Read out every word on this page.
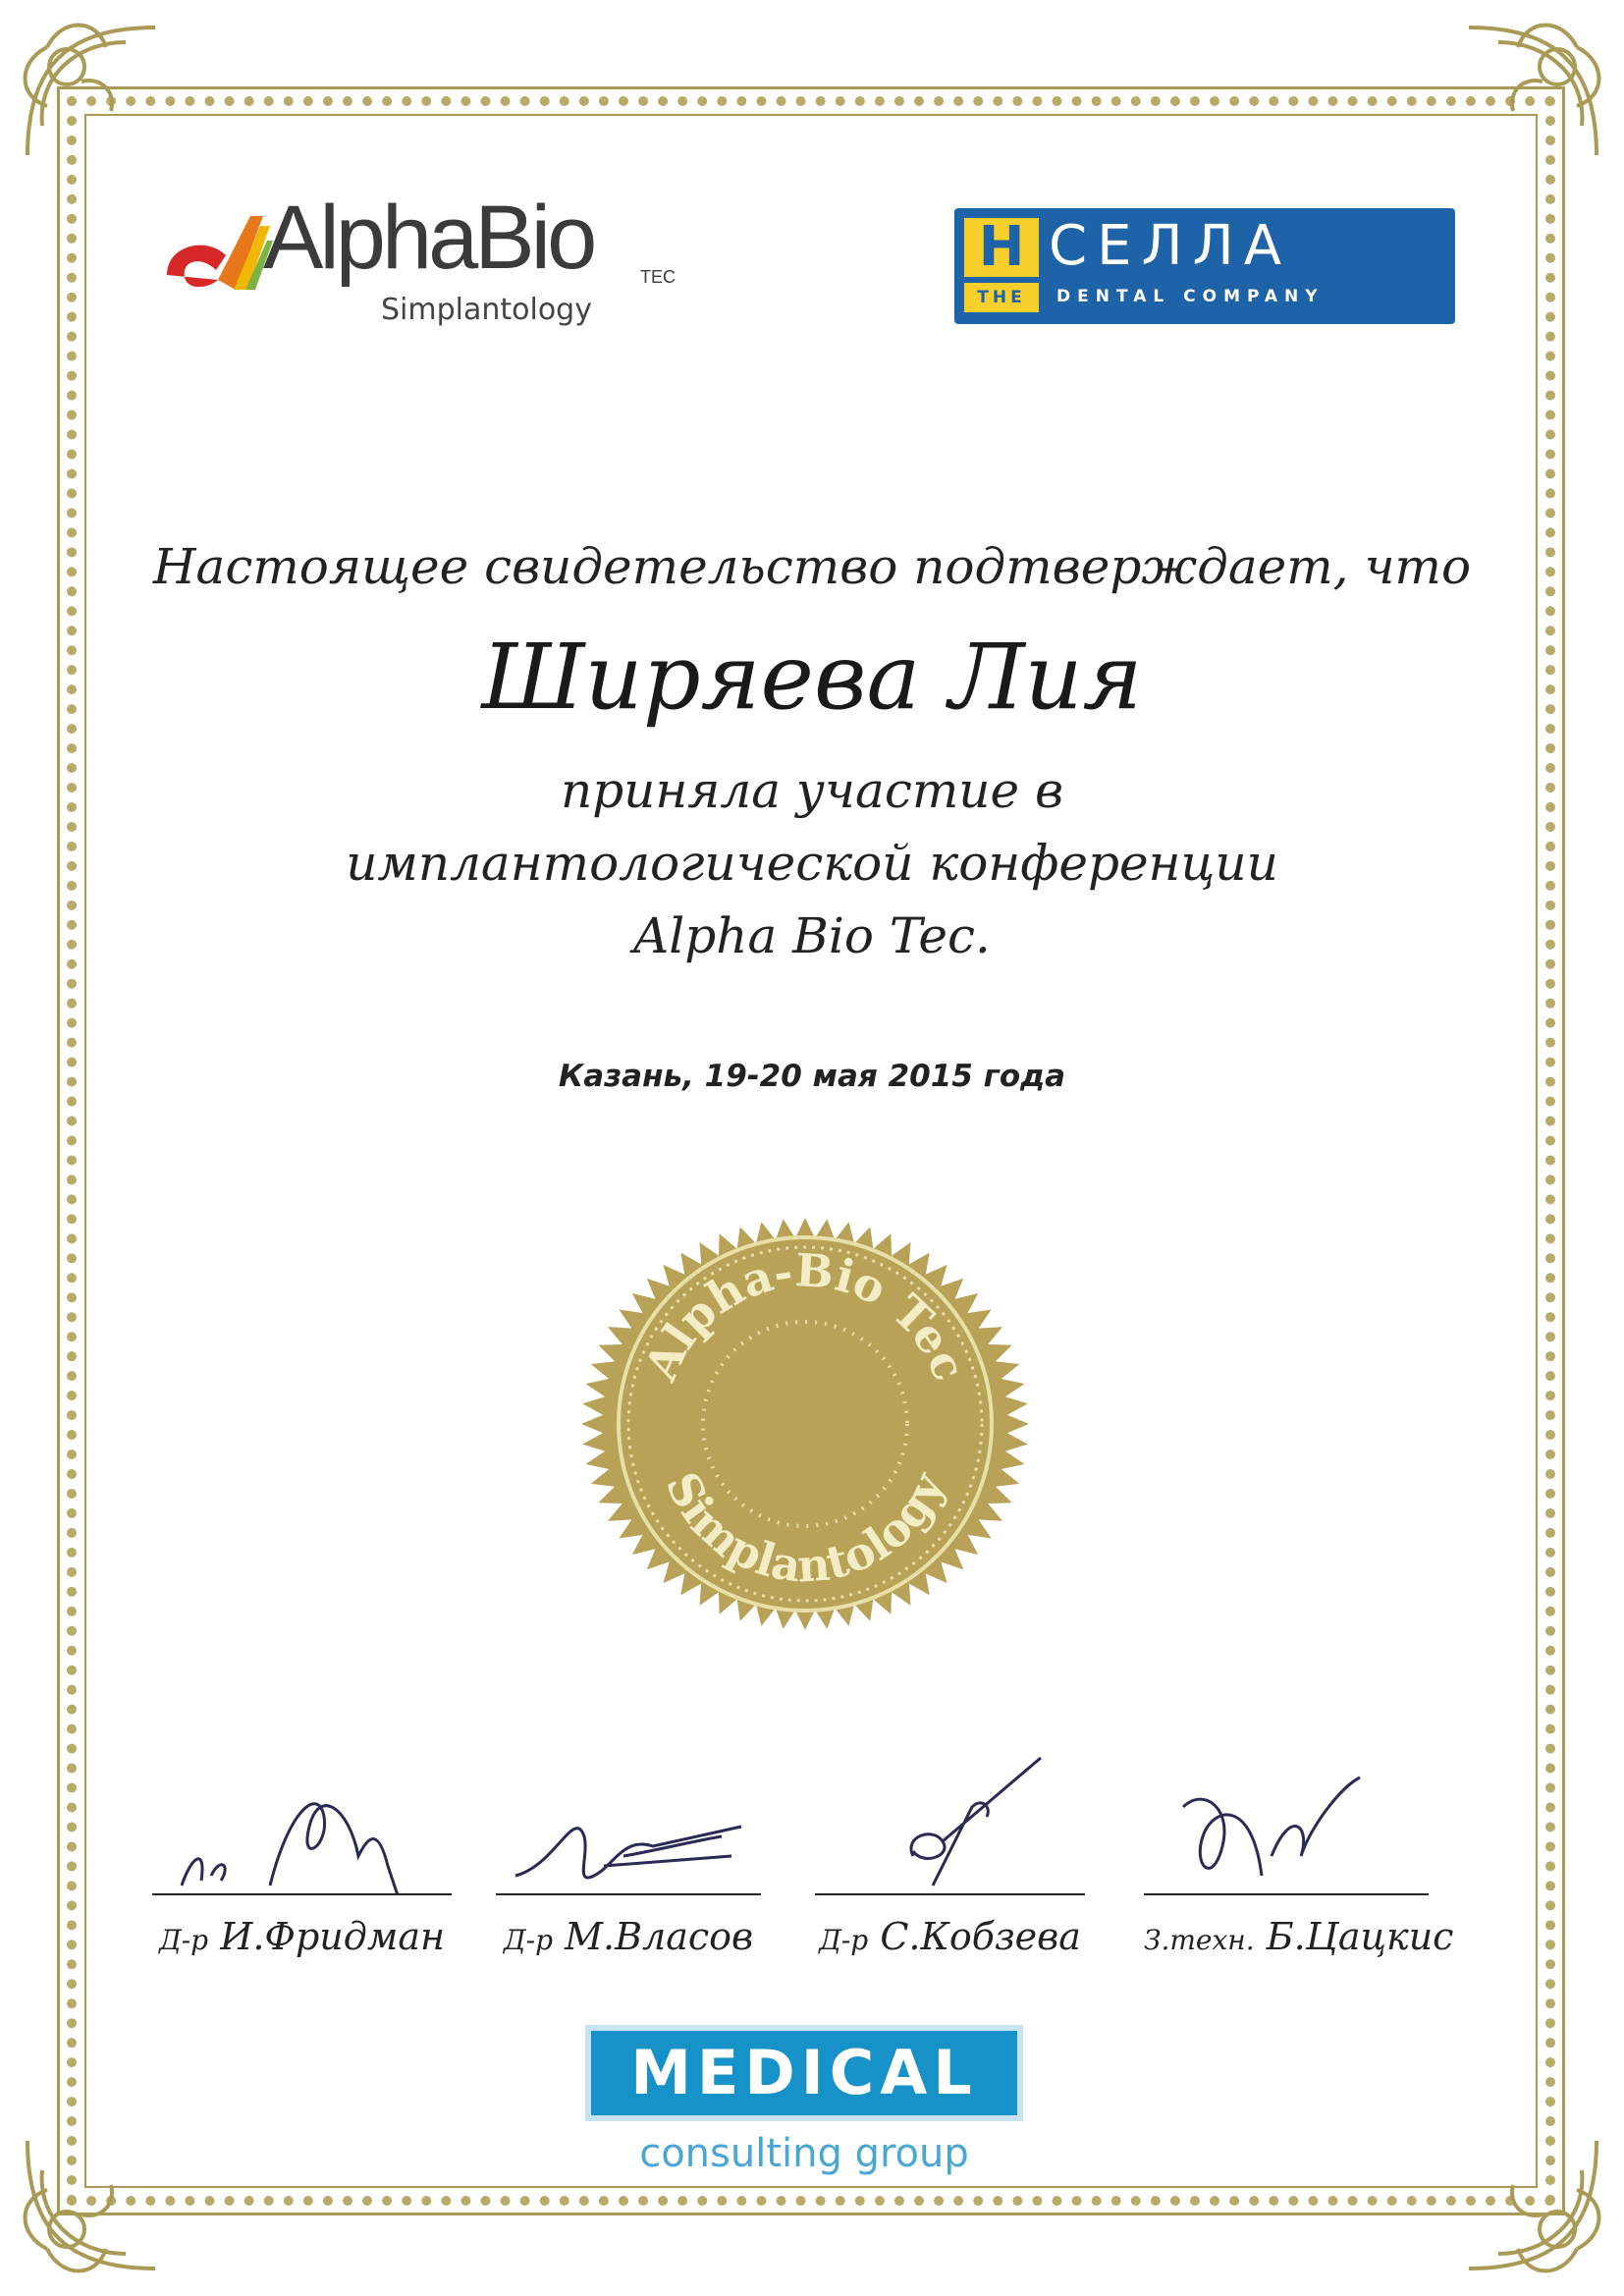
AlphaBio	TEC
Simplantology
H СЕЛЛА
THE	DENTAL COMPANY
Настоящее свидетельство подтверждает, что
Ширяева Лия
приняла участие в
имплантологической конференции
Alpha Bio Tec.
Казань, 19-20 мая 2015 года
Alpha-Bio Tec
Simplantology
Д-р И.Фридман Д-р М.Власов Д-р С.Кобзева З.техн. Б.Цацкис
MEDICAL
consulting group
